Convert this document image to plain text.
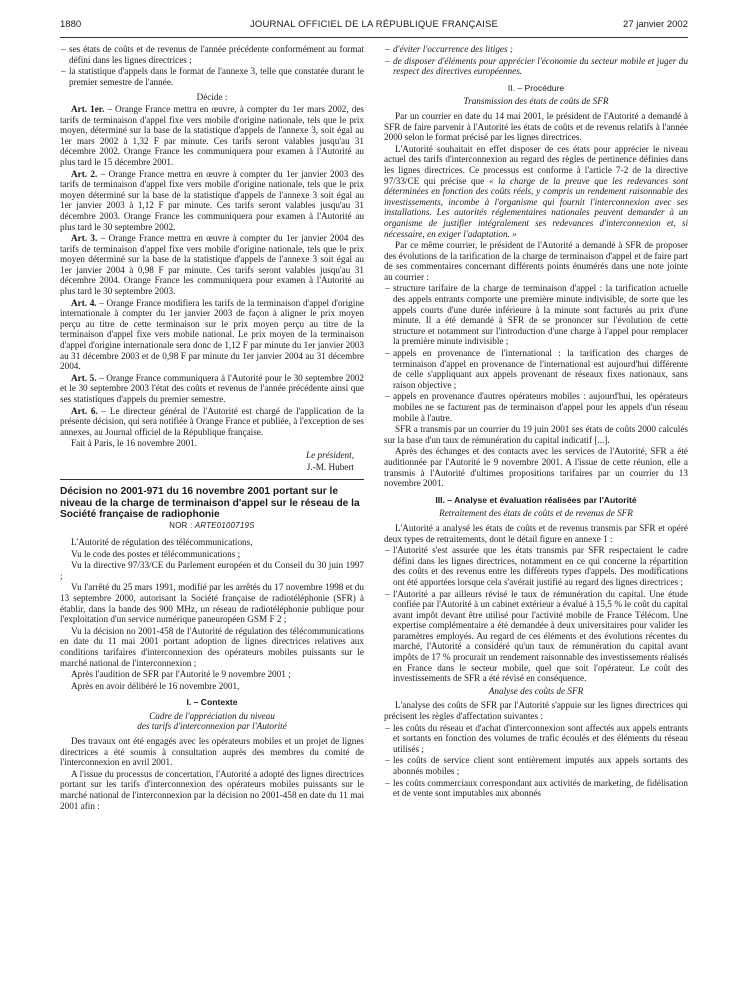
1880	JOURNAL OFFICIEL DE LA RÉPUBLIQUE FRANÇAISE	27 janvier 2002

– ses états de coûts et de revenus de l'année précédente conformément au format défini dans les lignes directrices ;

– la statistique d'appels dans le format de l'annexe 3, telle que constatée durant le premier semestre de l'année.

Décide :

Art. 1er. – Orange France mettra en œuvre, à compter du 1er mars 2002, des tarifs de terminaison d'appel fixe vers mobile d'origine nationale, tels que le prix moyen, déterminé sur la base de la statistique d'appels de l'annexe 3, soit égal au 1er mars 2002 à 1,32 F par minute. Ces tarifs seront valables jusqu'au 31 décembre 2002. Orange France les communiquera pour examen à l'Autorité au plus tard le 15 décembre 2001.

Art. 2. – Orange France mettra en œuvre à compter du 1er janvier 2003 des tarifs de terminaison d'appel fixe vers mobile d'origine nationale, tels que le prix moyen déterminé sur la base de la statistique d'appels de l'annexe 3 soit égal au 1er janvier 2003 à 1,12 F par minute. Ces tarifs seront valables jusqu'au 31 décembre 2003. Orange France les communiquera pour examen à l'Autorité au plus tard le 30 septembre 2002.

Art. 3. – Orange France mettra en œuvre à compter du 1er janvier 2004 des tarifs de terminaison d'appel fixe vers mobile d'origine nationale, tels que le prix moyen déterminé sur la base de la statistique d'appels de l'annexe 3 soit égal au 1er janvier 2004 à 0,98 F par minute. Ces tarifs seront valables jusqu'au 31 décembre 2004. Orange France les communiquera pour examen à l'Autorité au plus tard le 30 septembre 2003.

Art. 4. – Orange France modifiera les tarifs de la terminaison d'appel d'origine internationale à compter du 1er janvier 2003 de façon à aligner le prix moyen perçu au titre de cette terminaison sur le prix moyen perçu au titre de la terminaison d'appel fixe vers mobile national. Le prix moyen de la terminaison d'appel d'origine internationale sera donc de 1,12 F par minute du 1er janvier 2003 au 31 décembre 2003 et de 0,98 F par minute du 1er janvier 2004 au 31 décembre 2004.

Art. 5. – Orange France communiquera à l'Autorité pour le 30 septembre 2002 et le 30 septembre 2003 l'état des coûts et revenus de l'année précédente ainsi que ses statistiques d'appels du premier semestre.

Art. 6. – Le directeur général de l'Autorité est chargé de l'application de la présente décision, qui sera notifiée à Orange France et publiée, à l'exception de ses annexes, au Journal officiel de la République française.

Fait à Paris, le 16 novembre 2001.

Le président,

J.-M. Hubert

Décision no 2001-971 du 16 novembre 2001 portant sur le niveau de la charge de terminaison d'appel sur le réseau de la Société française de radiophonie

NOR : ARTE0100719S

L'Autorité de régulation des télécommunications,

Vu le code des postes et télécommunications ;

Vu la directive 97/33/CE du Parlement européen et du Conseil du 30 juin 1997 ;

Vu l'arrêté du 25 mars 1991, modifié par les arrêtés du 17 novembre 1998 et du 13 septembre 2000, autorisant la Société française de radiotéléphonie (SFR) à établir, dans la bande des 900 MHz, un réseau de radiotéléphonie publique pour l'exploitation d'un service numérique paneuropéen GSM F 2 ;

Vu la décision no 2001-458 de l'Autorité de régulation des télécommunications en date du 11 mai 2001 portant adoption de lignes directrices relatives aux conditions tarifaires d'interconnexion des opérateurs mobiles puissants sur le marché national de l'interconnexion ;

Après l'audition de SFR par l'Autorité le 9 novembre 2001 ;

Après en avoir délibéré le 16 novembre 2001,

I. – Contexte

Cadre de l'appréciation du niveau
des tarifs d'interconnexion par l'Autorité

Des travaux ont été engagés avec les opérateurs mobiles et un projet de lignes directrices a été soumis à consultation auprès des membres du comité de l'interconnexion en avril 2001.

A l'issue du processus de concertation, l'Autorité a adopté des lignes directrices portant sur les tarifs d'interconnexion des opérateurs mobiles puissants sur le marché national de l'interconnexion par la décision no 2001-458 en date du 11 mai 2001 afin :

– d'éviter l'occurrence des litiges ;

– de disposer d'éléments pour apprécier l'économie du secteur mobile et juger du respect des directives européennes.

II. – Procédure

Transmission des états de coûts de SFR

Par un courrier en date du 14 mai 2001, le président de l'Autorité a demandé à SFR de faire parvenir à l'Autorité les états de coûts et de revenus relatifs à l'année 2000 selon le format précisé par les lignes directrices.

L'Autorité souhaitait en effet disposer de ces états pour apprécier le niveau actuel des tarifs d'interconnexion au regard des règles de pertinence définies dans les lignes directrices. Ce processus est conforme à l'article 7-2 de la directive 97/33/CE qui précise que « la charge de la preuve que les redevances sont déterminées en fonction des coûts réels, y compris un rendement raisonnable des investissements, incombe à l'organisme qui fournit l'interconnexion avec ses installations. Les autorités réglementaires nationales peuvent demander à un organisme de justifier intégralement ses redevances d'interconnexion et, si nécessaire, en exiger l'adaptation. »

Par ce même courrier, le président de l'Autorité a demandé à SFR de proposer des évolutions de la tarification de la charge de terminaison d'appel et de faire part de ses commentaires concernant différents points énumérés dans une note jointe au courrier :

– structure tarifaire de la charge de terminaison d'appel : la tarification actuelle des appels entrants comporte une première minute indivisible, de sorte que les appels courts d'une durée inférieure à la minute sont facturés au prix d'une minute. Il a été demandé à SFR de se prononcer sur l'évolution de cette structure et notamment sur l'introduction d'une charge à l'appel pour remplacer la première minute indivisible ;

– appels en provenance de l'international : la tarification des charges de terminaison d'appel en provenance de l'international est aujourd'hui différente de celle s'appliquant aux appels provenant de réseaux fixes nationaux, sans raison objective ;

– appels en provenance d'autres opérateurs mobiles : aujourd'hui, les opérateurs mobiles ne se facturent pas de terminaison d'appel pour les appels d'un réseau mobile à l'autre.

SFR a transmis par un courrier du 19 juin 2001 ses états de coûts 2000 calculés sur la base d'un taux de rémunération du capital indicatif [...].

Après des échanges et des contacts avec les services de l'Autorité, SFR a été auditionnée par l'Autorité le 9 novembre 2001. A l'issue de cette réunion, elle a transmis à l'Autorité d'ultimes propositions tarifaires par un courrier du 13 novembre 2001.

III. – Analyse et évaluation réalisées par l'Autorité

Retraitement des états de coûts et de revenus de SFR

L'Autorité a analysé les états de coûts et de revenus transmis par SFR et opéré deux types de retraitements, dont le détail figure en annexe 1 :

– l'Autorité s'est assurée que les états transmis par SFR respectaient le cadre défini dans les lignes directrices, notamment en ce qui concerne la répartition des coûts et des revenus entre les différents types d'appels. Des modifications ont été apportées lorsque cela s'avérait justifié au regard des lignes directrices ;

– l'Autorité a par ailleurs révisé le taux de rémunération du capital. Une étude confiée par l'Autorité à un cabinet extérieur a évalué à 15,5 % le coût du capital avant impôt devant être utilisé pour l'activité mobile de France Télécom. Une expertise complémentaire a été demandée à deux universitaires pour valider les paramètres employés. Au regard de ces éléments et des évolutions récentes du marché, l'Autorité a considéré qu'un taux de rémunération du capital avant impôts de 17 % procurait un rendement raisonnable des investissements réalisés en France dans le secteur mobile, quel que soit l'opérateur. Le coût des investissements de SFR a été révisé en conséquence.

Analyse des coûts de SFR

L'analyse des coûts de SFR par l'Autorité s'appuie sur les lignes directrices qui précisent les règles d'affectation suivantes :

– les coûts du réseau et d'achat d'interconnexion sont affectés aux appels entrants et sortants en fonction des volumes de trafic écoulés et des éléments du réseau utilisés ;

– les coûts de service client sont entièrement imputés aux appels sortants des abonnés mobiles ;

– les coûts commerciaux correspondant aux activités de marketing, de fidélisation et de vente sont imputables aux abonnés
